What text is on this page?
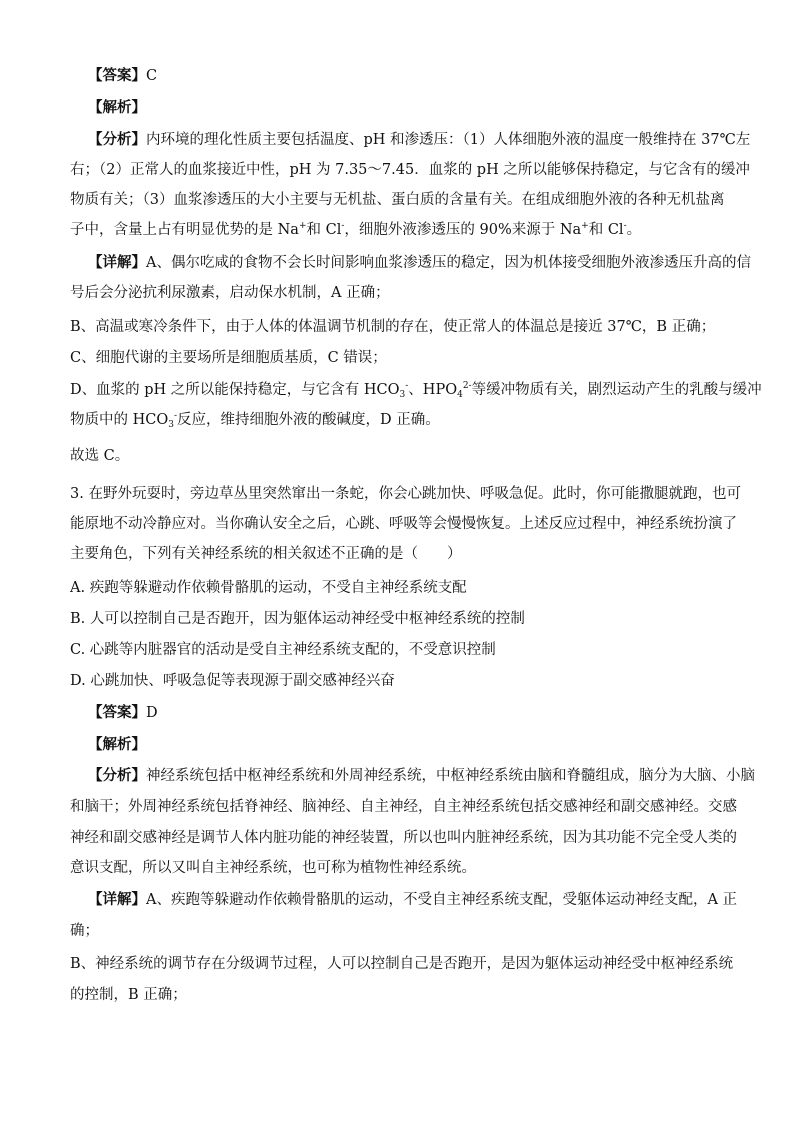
【答案】C
【解析】
【分析】内环境的理化性质主要包括温度、pH 和渗透压：（1）人体细胞外液的温度一般维持在 37℃左
右；（2）正常人的血浆接近中性，pH 为 7.35～7.45．血浆的 pH 之所以能够保持稳定，与它含有的缓冲
物质有关；（3）血浆渗透压的大小主要与无机盐、蛋白质的含量有关。在组成细胞外液的各种无机盐离
子中，含量上占有明显优势的是 Na+和 Cl-，细胞外液渗透压的 90%来源于 Na+和 Cl-。
【详解】A、偶尔吃咸的食物不会长时间影响血浆渗透压的稳定，因为机体接受细胞外液渗透压升高的信
号后会分泌抗利尿激素，启动保水机制，A 正确；
B、高温或寒冷条件下，由于人体的体温调节机制的存在，使正常人的体温总是接近 37℃，B 正确；
C、细胞代谢的主要场所是细胞质基质，C 错误；
D、血浆的 pH 之所以能保持稳定，与它含有 $HCO_3^-$、$HPO_4^{2-}$等缓冲物质有关，剧烈运动产生的乳酸与缓冲
物质中的 $HCO_3^-$反应，维持细胞外液的酸碱度，D 正确。
故选 C。
3. 在野外玩耍时，旁边草丛里突然窜出一条蛇，你会心跳加快、呼吸急促。此时，你可能撒腿就跑，也可
能原地不动冷静应对。当你确认安全之后，心跳、呼吸等会慢慢恢复。上述反应过程中，神经系统扮演了
主要角色，下列有关神经系统的相关叙述不正确的是（　　）
A. 疾跑等躲避动作依赖骨骼肌的运动，不受自主神经系统支配
B. 人可以控制自己是否跑开，因为躯体运动神经受中枢神经系统的控制
C. 心跳等内脏器官的活动是受自主神经系统支配的，不受意识控制
D. 心跳加快、呼吸急促等表现源于副交感神经兴奋
【答案】D
【解析】
【分析】神经系统包括中枢神经系统和外周神经系统，中枢神经系统由脑和脊髓组成，脑分为大脑、小脑
和脑干；外周神经系统包括脊神经、脑神经、自主神经，自主神经系统包括交感神经和副交感神经。交感
神经和副交感神经是调节人体内脏功能的神经装置，所以也叫内脏神经系统，因为其功能不完全受人类的
意识支配，所以又叫自主神经系统，也可称为植物性神经系统。
【详解】A、疾跑等躲避动作依赖骨骼肌的运动，不受自主神经系统支配，受躯体运动神经支配，A 正
确；
B、神经系统的调节存在分级调节过程，人可以控制自己是否跑开，是因为躯体运动神经受中枢神经系统
的控制，B 正确；
